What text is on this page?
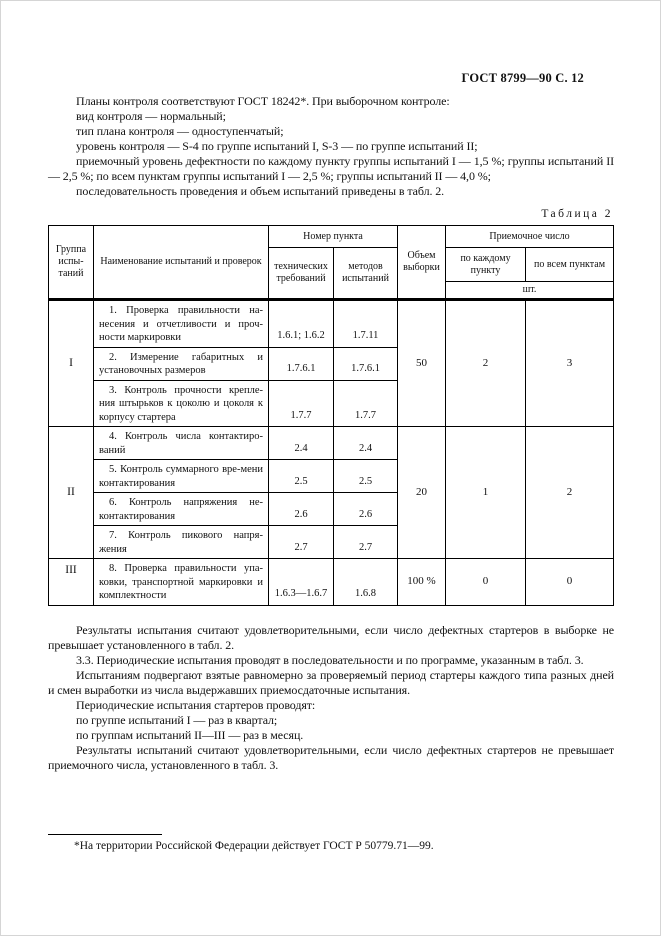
ГОСТ 8799—90 С. 12

Планы контроля соответствуют ГОСТ 18242*. При выборочном контроле:

вид контроля — нормальный;

тип плана контроля — одноступенчатый;

уровень контроля — S-4 по группе испытаний I, S-3 — по группе испытаний II;

приемочный уровень дефектности по каждому пункту группы испытаний I — 1,5 %; группы испытаний II — 2,5 %; по всем пунктам группы испытаний I — 2,5 %; группы испытаний II — 4,0 %;

последовательность проведения и объем испытаний приведены в табл. 2.

Таблица 2
Группа испы- таний	Наименование испытаний и проверок	Номер пункта		Объем выборки	Приемочное число	
		технических требований	методов испытаний		по каждому пункту	по всем пунктам
					шт.	
I	1. Проверка правильности на-несения и отчетливости и проч-ности маркировки	1.6.1; 1.6.2	1.7.11	50	2	3
	2. Измерение габаритных и установочных размеров	1.7.6.1	1.7.6.1			
	3. Контроль прочности крепле-ния штырьков к цоколю и цоколя к корпусу стартера	1.7.7	1.7.7			
II	4. Контроль числа контактиро-ваний	2.4	2.4	20	1	2
	5. Контроль суммарного вре-мени контактирования	2.5	2.5			
	6. Контроль напряжения не-контактирования	2.6	2.6			
	7. Контроль пикового напря-жения	2.7	2.7			
III	8. Проверка правильности упа-ковки, транспортной маркировки и комплектности	1.6.3—1.6.7	1.6.8	100 %	0	0

Результаты испытания считают удовлетворительными, если число дефектных стартеров в выборке не превышает установленного в табл. 2.

3.3. Периодические испытания проводят в последовательности и по программе, указанным в табл. 3.

Испытаниям подвергают взятые равномерно за проверяемый период стартеры каждого типа разных дней и смен выработки из числа выдержавших приемосдаточные испытания.

Периодические испытания стартеров проводят:

по группе испытаний I — раз в квартал;

по группам испытаний II—III — раз в месяц.

Результаты испытаний считают удовлетворительными, если число дефектных стартеров не превышает приемочного числа, установленного в табл. 3.

*На территории Российской Федерации действует ГОСТ Р 50779.71—99.
